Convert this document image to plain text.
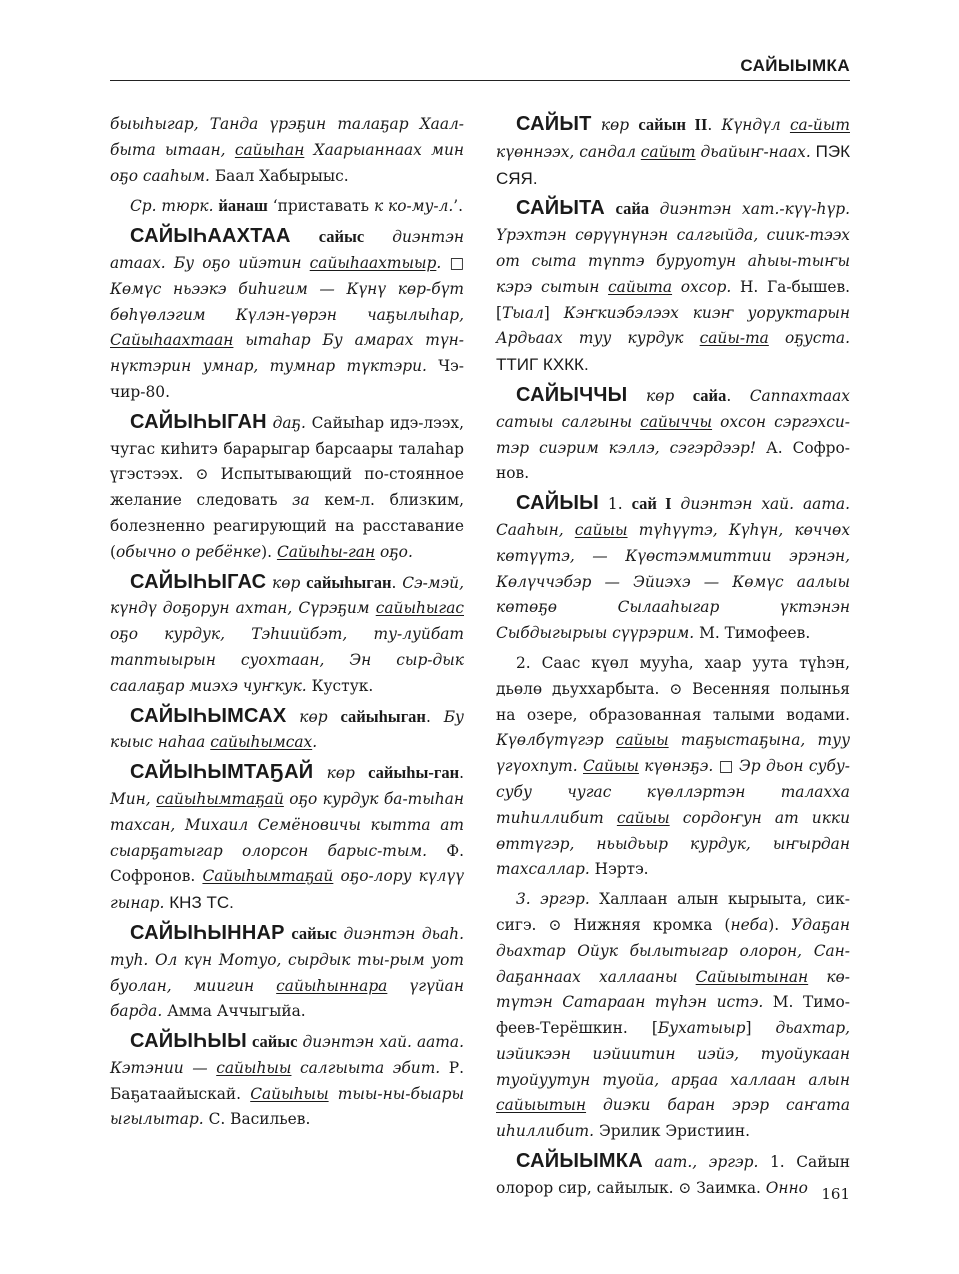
САЙЫЫМКА

быыһыгар, Танда үрэҕин талаҕар Хаал-быта ытаан, сайыһан Хаарыаннаах мин оҕо сааһым. Баал Хабырыыс.

Ср. тюрк. йанаш ‘приставать к ко-му-л.’.

САЙЫҺААХТАА сайыс диэнтэн атаах. Бу оҕо ийэтин сайыһаахтыыр. □ Көмүс ньээкэ биһигим — Күнү көр-бүт бөһүөлэгим Күлэн-үөрэн чаҕылыһар, Сайыһаахтаан ытаһар Бу амарах түн-нүктэрин умнар, тумнар түктэри. Чэ-чир-80.

САЙЫҺЫГАН даҕ. Сайыһар идэ-лээх, чугас киһитэ барарыгар барсаары талаһар үгэстээх. ⊙ Испытывающий по-стоянное желание следовать за кем-л. близким, болезненно реагирующий на расставание (обычно о ребёнке). Сайыһы-ган оҕо.

САЙЫҺЫГАС көр сайыһыган. Сэ-мэй, күндү доҕорун ахтан, Сүрэҕим сайыһыгас оҕо курдук, Тэһиийбэт, ту-луйбат таптыырын суохтаан, Эн сыр-дык саалаҕар миэхэ чуҥкук. Кустук.

САЙЫҺЫМСАХ көр сайыһыган. Бу кыыс наһаа сайыһымсах.

САЙЫҺЫМТАҔАЙ көр сайыһы-ган. Мин, сайыһымтаҕай оҕо курдук ба-тыһан тахсан, Михаил Семёновичы кытта ат сыарҕатыгар олорсон барыс-тым. Ф. Софронов. Сайыһымтаҕай оҕо-лору күлүү гынар. КНЗ ТС.

САЙЫҺЫННАР сайыс диэнтэн дьаһ. туһ. Ол күн Мотуо, сырдык ты-рым уот буолан, миигин сайыһыннара үгүйан барда. Амма Аччыгыйа.

САЙЫҺЫЫ сайыс диэнтэн хай. аата. Кэтэнии — сайыһыы салгыыта эбит. Р. Баҕатаайыскай. Сайыһыы тыы-ны-быары ыгылытар. С. Васильев.

САЙЫТ көр сайын II. Күндүл са-йыт күөннээх, сандал сайыт дьайыҥ-наах. ПЭК СЯЯ.

САЙЫТА сайа диэнтэн хат.-күү-һүр. Үрэхтэн сөрүүнүнэн салгыйда, сиик-тээх от сыта түптэ буруотун аһыы-тыҥы кэрэ сытын сайыта охсор. Н. Га-бышев. [Тыал] Кэҥкиэбэлээх киэҥ уоруктарын Ардьаах туу курдук сайы-та оҕуста. ТТИГ КХКК.

САЙЫЧЧЫ көр сайа. Саппахтаах сатыы салгыны сайыччы охсон сэргэхси-тэр сиэрим кэллэ, сэгэрдээр! А. Софро-нов.

САЙЫЫ 1. сай I диэнтэн хай. аата. Сааһын, сайыы түһүүтэ, Күһүн, көччөх көтүүтэ, — Күөстэммиттии эрэнэн, Көлүччэбэр — Эйиэхэ — Көмүс аалыы көтөҕө Сылааһыгар үктэнэн Сыбдыгырыы сүүрэрим. М. Тимофеев.

2. Саас күөл мууһа, хаар уута түһэн, дьөлө дьуххарбыта. ⊙ Весенняя полынья на озере, образованная талыми водами. Күөлбүтүгэр сайыы таҕыстаҕына, туу үгүохпут. Сайыы күөнэҕэ. □ Эр дьон субу-субу чугас күөллэртэн талахха тиһиллибит сайыы сордоҥун ат икки өттүгэр, ньыдьыр курдук, ыҥырдан тахсаллар. Нэртэ.

3. эргэр. Халлаан алын кырыыта, сик-сигэ. ⊙ Нижняя кромка (неба). Удаҕан дьахтар Ойук былытыгар олорон, Сан-даҕаннаах халлааны Сайыытынан кө-түтэн Сатараан түһэн истэ. М. Тимо-феев-Терёшкин. [Бухатыыр] дьахтар, иэйикээн иэйиитин иэйэ, туойукаан туойуутун туойа, арҕаа халлаан алын сайыытын диэки баран эрэр саҥата иһиллибит. Эрилик Эристиин.

САЙЫЫМКА аат., эргэр. 1. Сайын олорор сир, сайылык. ⊙ Заимка. Онно 161
